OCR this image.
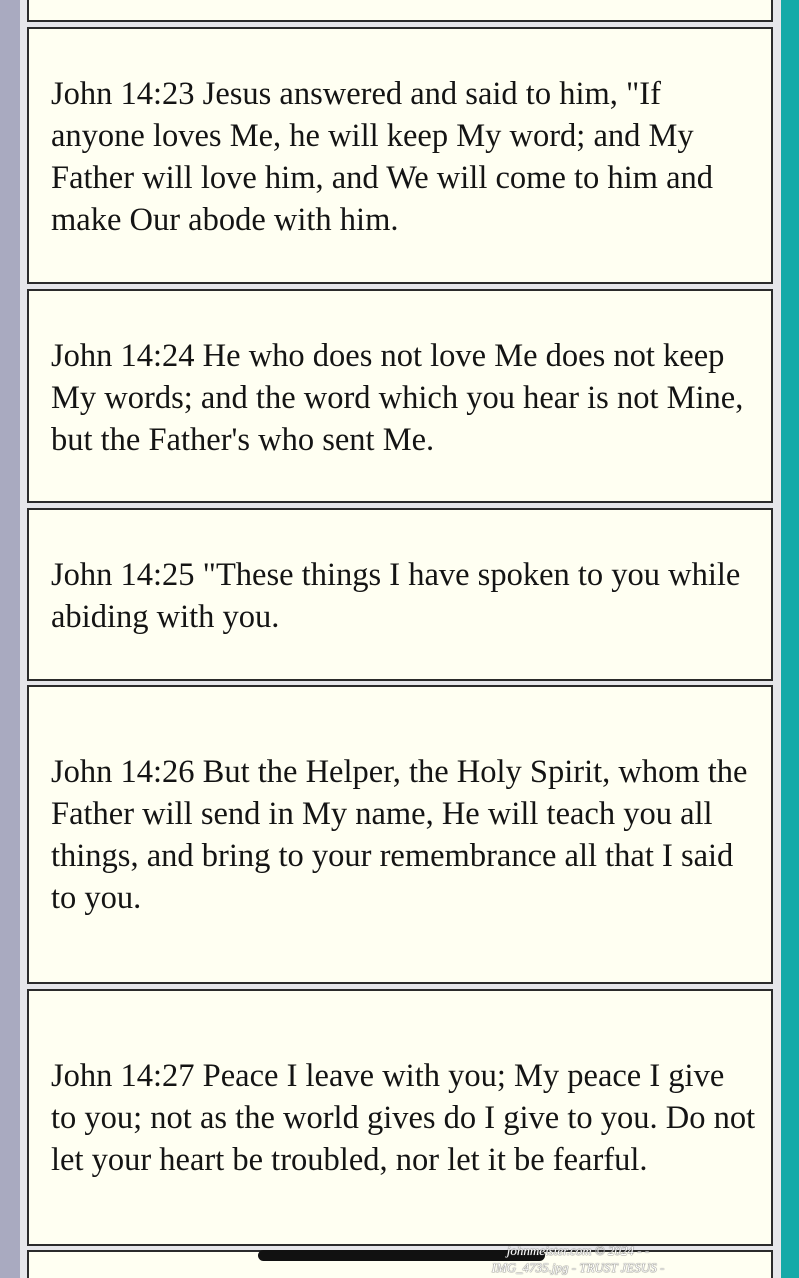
John 14:23 Jesus answered and said to him, "If anyone loves Me, he will keep My word; and My Father will love him, and We will come to him and make Our abode with him.

John 14:24 He who does not love Me does not keep My words; and the word which you hear is not Mine, but the Father's who sent Me.

John 14:25 "These things I have spoken to you while abiding with you.

John 14:26 But the Helper, the Holy Spirit, whom the Father will send in My name, He will teach you all things, and bring to your remembrance all that I said to you.

John 14:27 Peace I leave with you; My peace I give to you; not as the world gives do I give to you. Do not let your heart be troubled, nor let it be fearful.

johnmeister.com © 2024 - -
IMG_4735.jpg - TRUST JESUS -
